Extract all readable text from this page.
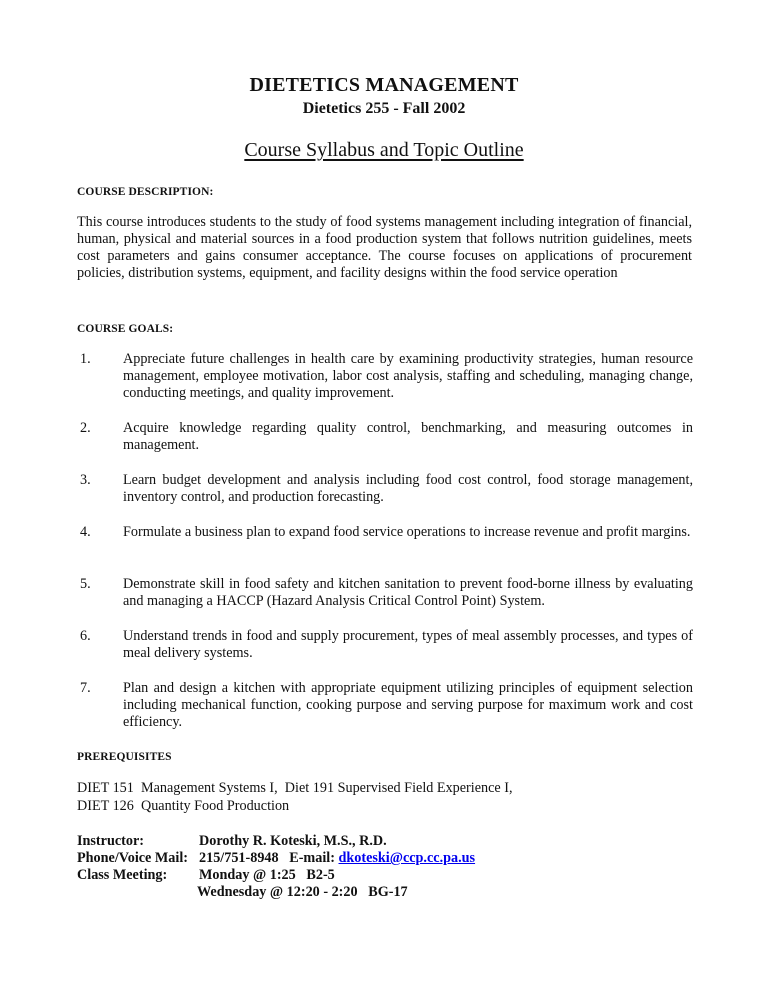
DIETETICS MANAGEMENT
Dietetics 255 - Fall 2002
Course Syllabus and Topic Outline
COURSE DESCRIPTION:
This course introduces students to the study of food systems management including integration of financial, human, physical and material sources in a food production system that follows nutrition guidelines, meets cost parameters and gains consumer acceptance. The course focuses on applications of procurement policies, distribution systems, equipment, and facility designs within the food service operation
COURSE GOALS:
1. Appreciate future challenges in health care by examining productivity strategies, human resource management, employee motivation, labor cost analysis, staffing and scheduling, managing change, conducting meetings, and quality improvement.
2. Acquire knowledge regarding quality control, benchmarking, and measuring outcomes in management.
3. Learn budget development and analysis including food cost control, food storage management, inventory control, and production forecasting.
4. Formulate a business plan to expand food service operations to increase revenue and profit margins.
5. Demonstrate skill in food safety and kitchen sanitation to prevent food-borne illness by evaluating and managing a HACCP (Hazard Analysis Critical Control Point) System.
6. Understand trends in food and supply procurement, types of meal assembly processes, and types of meal delivery systems.
7. Plan and design a kitchen with appropriate equipment utilizing principles of equipment selection including mechanical function, cooking purpose and serving purpose for maximum work and cost efficiency.
PREREQUISITES
DIET 151  Management Systems I,  Diet 191 Supervised Field Experience I,
DIET 126  Quantity Food Production
Instructor:	Dorothy R. Koteski, M.S., R.D.
Phone/Voice Mail: 215/751-8948   E-mail: dkoteski@ccp.cc.pa.us
Class Meeting: Monday @ 1:25   B2-5
Wednesday @ 12:20 - 2:20   BG-17
